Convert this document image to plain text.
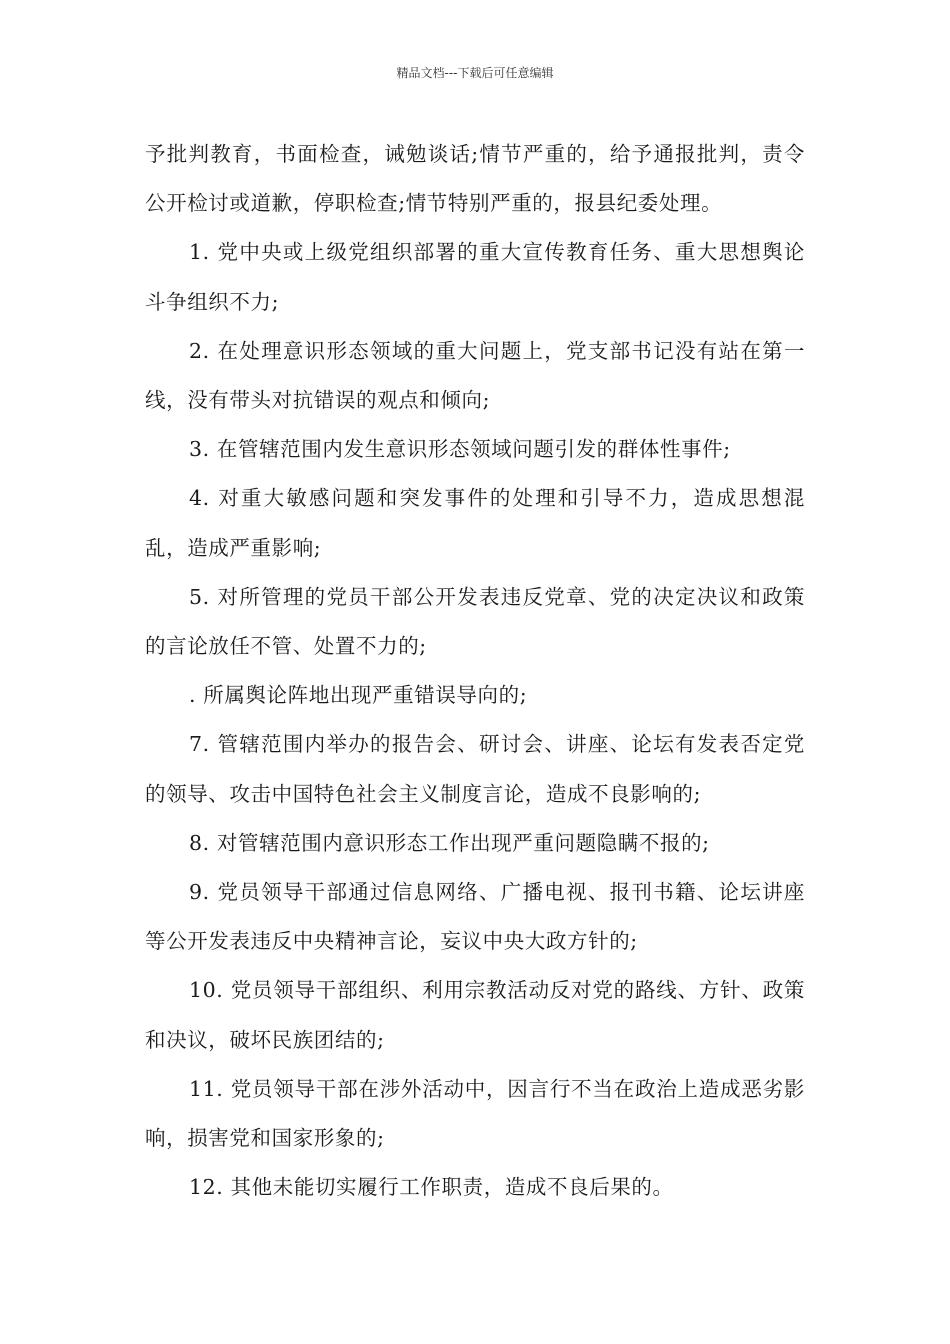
精品文档---下载后可任意编辑

予批判教育，书面检查，诫勉谈话;情节严重的，给予通报批判，责令公开检讨或道歉，停职检查;情节特别严重的，报县纪委处理。

1. 党中央或上级党组织部署的重大宣传教育任务、重大思想舆论斗争组织不力;

2. 在处理意识形态领域的重大问题上，党支部书记没有站在第一线，没有带头对抗错误的观点和倾向;

3. 在管辖范围内发生意识形态领域问题引发的群体性事件;

4. 对重大敏感问题和突发事件的处理和引导不力，造成思想混乱，造成严重影响;

5. 对所管理的党员干部公开发表违反党章、党的决定决议和政策的言论放任不管、处置不力的;

. 所属舆论阵地出现严重错误导向的;

7. 管辖范围内举办的报告会、研讨会、讲座、论坛有发表否定党的领导、攻击中国特色社会主义制度言论，造成不良影响的;

8. 对管辖范围内意识形态工作出现严重问题隐瞒不报的;

9. 党员领导干部通过信息网络、广播电视、报刊书籍、论坛讲座等公开发表违反中央精神言论，妄议中央大政方针的;

10. 党员领导干部组织、利用宗教活动反对党的路线、方针、政策和决议，破坏民族团结的;

11. 党员领导干部在涉外活动中，因言行不当在政治上造成恶劣影响，损害党和国家形象的;

12. 其他未能切实履行工作职责，造成不良后果的。
